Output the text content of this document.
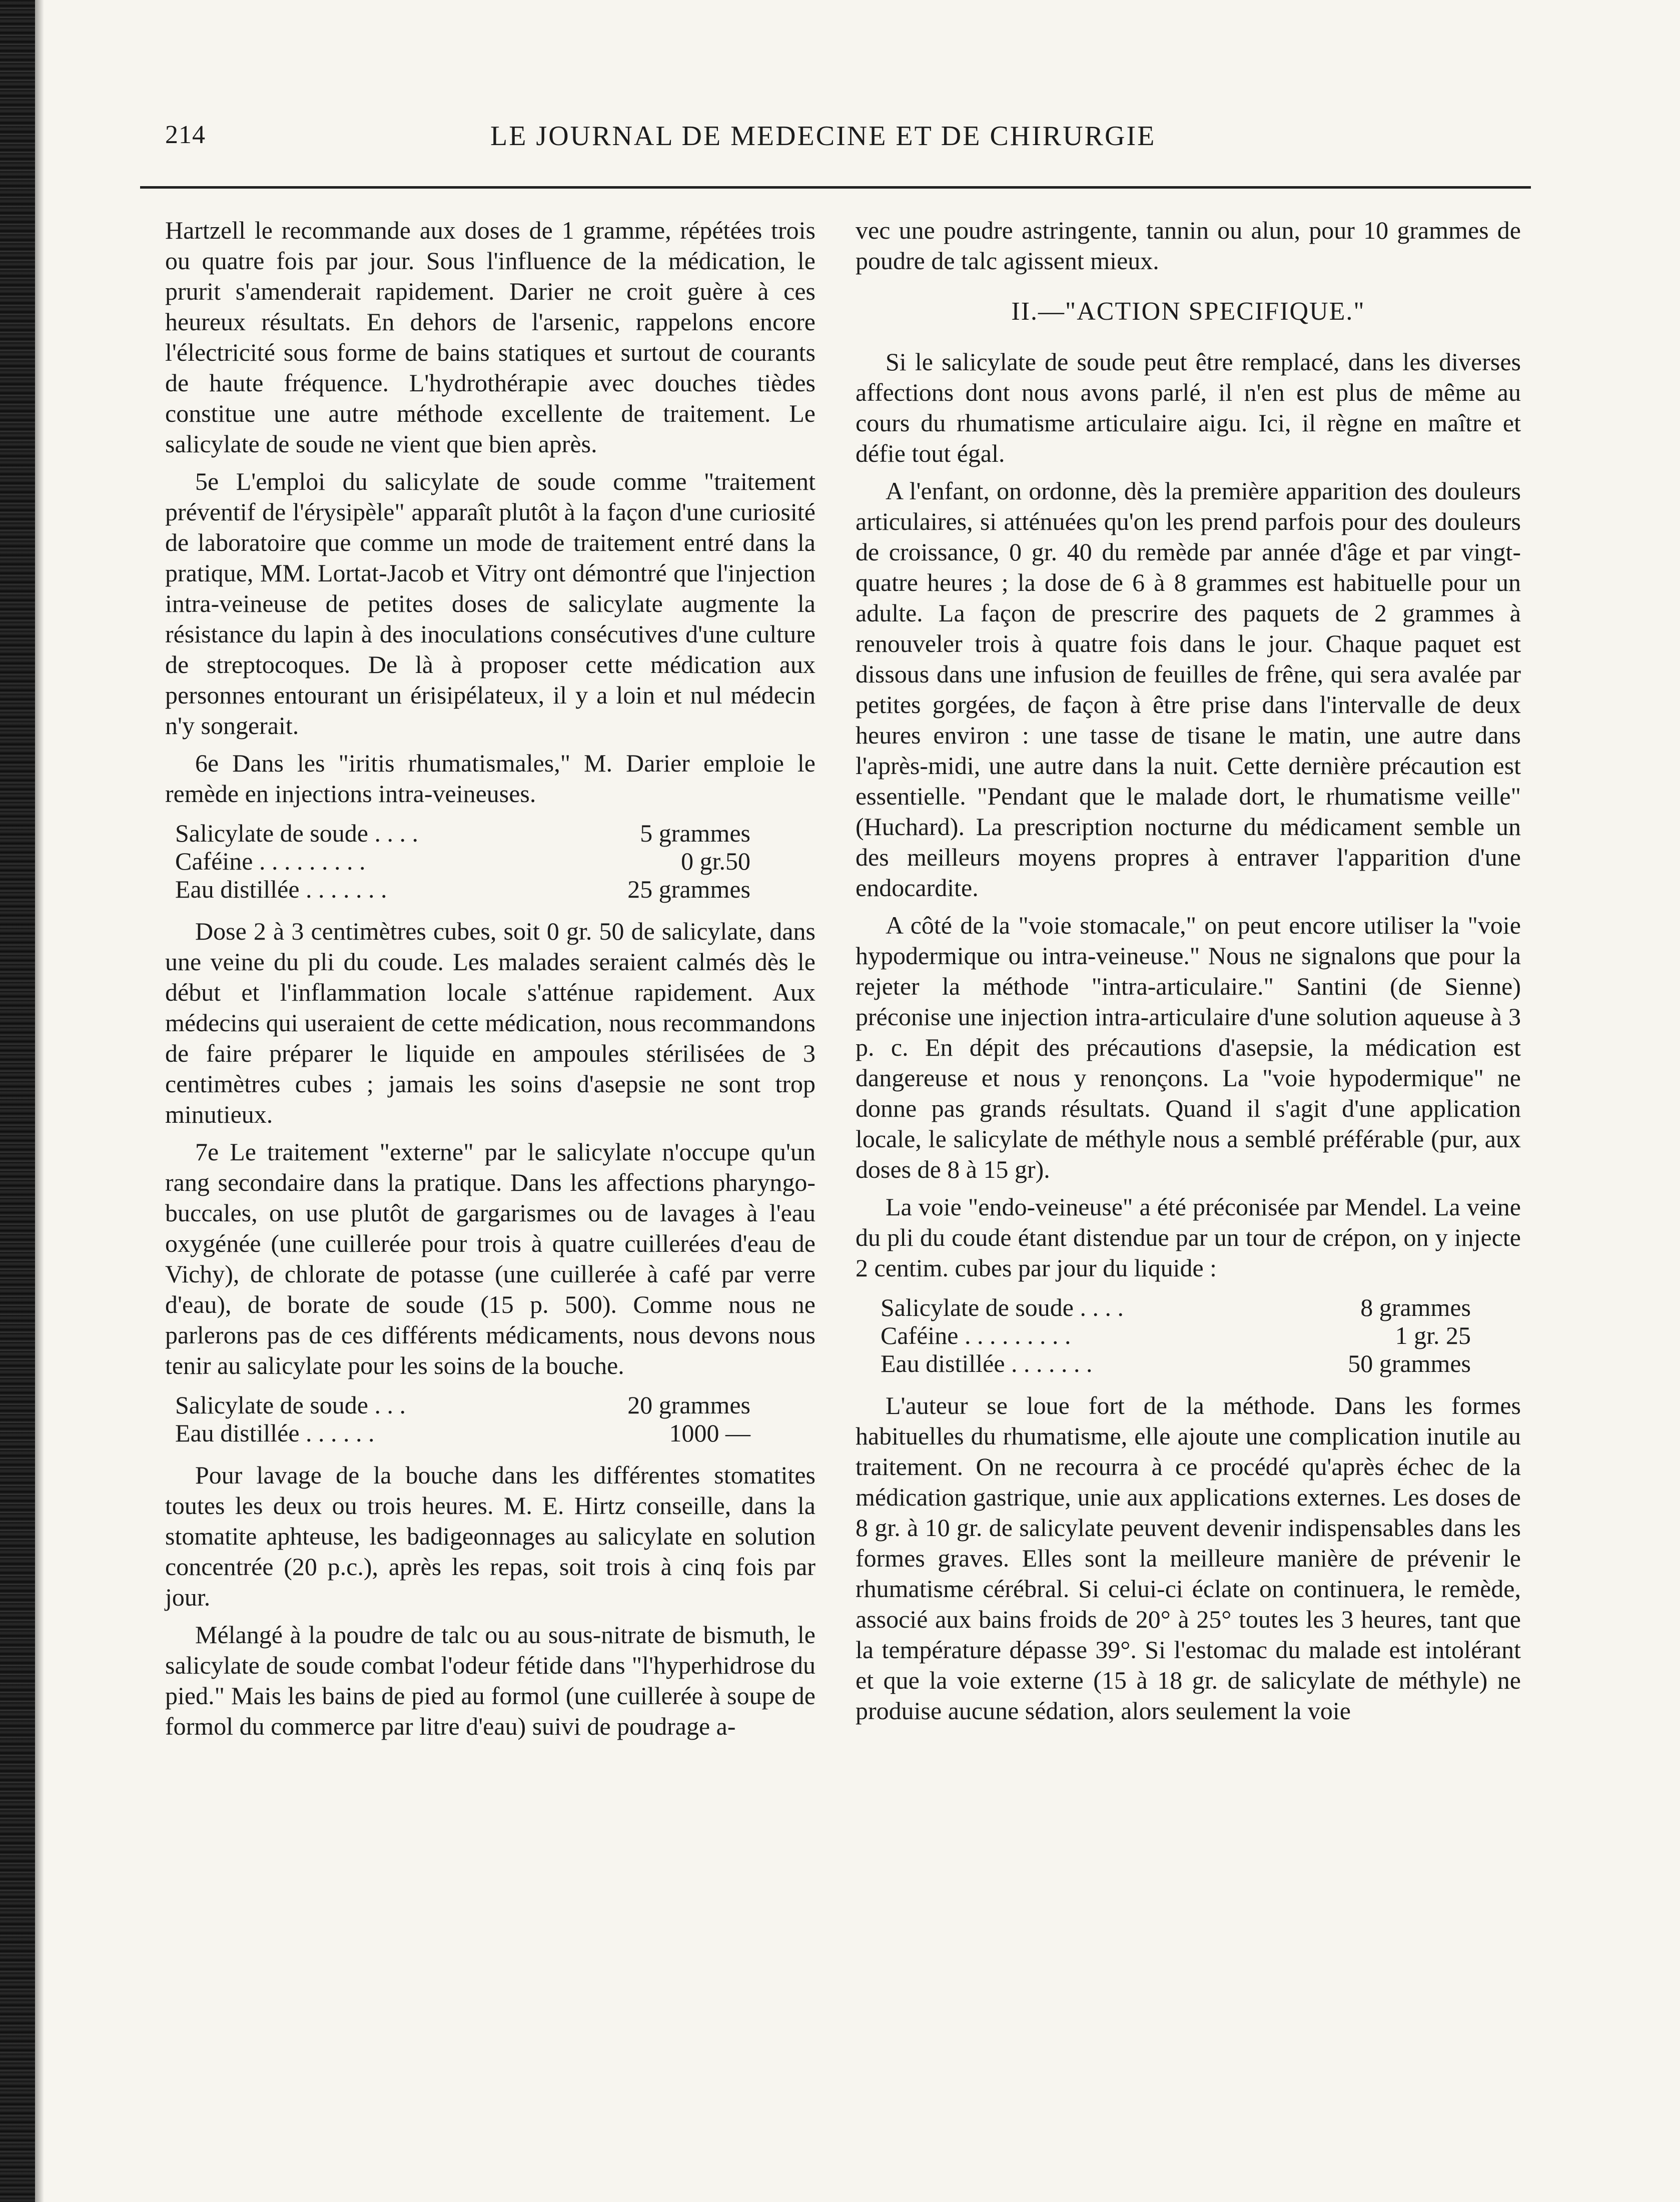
214	LE JOURNAL DE MEDECINE ET DE CHIRURGIE

Hartzell le recommande aux doses de 1 gramme, répétées trois ou quatre fois par jour. Sous l'influence de la médication, le prurit s'amenderait rapidement. Darier ne croit guère à ces heureux résultats. En dehors de l'arsenic, rappelons encore l'électricité sous forme de bains statiques et surtout de courants de haute fréquence. L'hydrothérapie avec douches tièdes constitue une autre méthode excellente de traitement. Le salicylate de soude ne vient que bien après.

5e L'emploi du salicylate de soude comme "traitement préventif de l'érysipèle" apparaît plutôt à la façon d'une curiosité de laboratoire que comme un mode de traitement entré dans la pratique, MM. Lortat-Jacob et Vitry ont démontré que l'injection intra-veineuse de petites doses de salicylate augmente la résistance du lapin à des inoculations consécutives d'une culture de streptocoques. De là à proposer cette médication aux personnes entourant un érisipélateux, il y a loin et nul médecin n'y songerait.

6e Dans les "iritis rhumatismales," M. Darier emploie le remède en injections intra-veineuses.

Salicylate de soude . . . .	5 grammes
Caféine . . . . . . . . .	0 gr.50
Eau distillée . . . . . . .	25 grammes

Dose 2 à 3 centimètres cubes, soit 0 gr. 50 de salicylate, dans une veine du pli du coude. Les malades seraient calmés dès le début et l'inflammation locale s'atténue rapidement. Aux médecins qui useraient de cette médication, nous recommandons de faire préparer le liquide en ampoules stérilisées de 3 centimètres cubes ; jamais les soins d'asepsie ne sont trop minutieux.

7e Le traitement "externe" par le salicylate n'occupe qu'un rang secondaire dans la pratique. Dans les affections pharyngo-buccales, on use plutôt de gargarismes ou de lavages à l'eau oxygénée (une cuillerée pour trois à quatre cuillerées d'eau de Vichy), de chlorate de potasse (une cuillerée à café par verre d'eau), de borate de soude (15 p. 500). Comme nous ne parlerons pas de ces différents médicaments, nous devons nous tenir au salicylate pour les soins de la bouche.

Salicylate de soude . . .	20 grammes
Eau distillée . . . . . .	1000 —

Pour lavage de la bouche dans les différentes stomatites toutes les deux ou trois heures. M. E. Hirtz conseille, dans la stomatite aphteuse, les badigeonnages au salicylate en solution concentrée (20 p.c.), après les repas, soit trois à cinq fois par jour.

Mélangé à la poudre de talc ou au sous-nitrate de bismuth, le salicylate de soude combat l'odeur fétide dans "l'hyperhidrose du pied." Mais les bains de pied au formol (une cuillerée à soupe de formol du commerce par litre d'eau) suivi de poudrage a-

vec une poudre astringente, tannin ou alun, pour 10 grammes de poudre de talc agissent mieux.

II.—"ACTION SPECIFIQUE."

Si le salicylate de soude peut être remplacé, dans les diverses affections dont nous avons parlé, il n'en est plus de même au cours du rhumatisme articulaire aigu. Ici, il règne en maître et défie tout égal.

A l'enfant, on ordonne, dès la première apparition des douleurs articulaires, si atténuées qu'on les prend parfois pour des douleurs de croissance, 0 gr. 40 du remède par année d'âge et par vingt-quatre heures ; la dose de 6 à 8 grammes est habituelle pour un adulte. La façon de prescrire des paquets de 2 grammes à renouveler trois à quatre fois dans le jour. Chaque paquet est dissous dans une infusion de feuilles de frêne, qui sera avalée par petites gorgées, de façon à être prise dans l'intervalle de deux heures environ : une tasse de tisane le matin, une autre dans l'après-midi, une autre dans la nuit. Cette dernière précaution est essentielle. "Pendant que le malade dort, le rhumatisme veille" (Huchard). La prescription nocturne du médicament semble un des meilleurs moyens propres à entraver l'apparition d'une endocardite.

A côté de la "voie stomacale," on peut encore utiliser la "voie hypodermique ou intra-veineuse." Nous ne signalons que pour la rejeter la méthode "intra-articulaire." Santini (de Sienne) préconise une injection intra-articulaire d'une solution aqueuse à 3 p. c. En dépit des précautions d'asepsie, la médication est dangereuse et nous y renonçons. La "voie hypodermique" ne donne pas grands résultats. Quand il s'agit d'une application locale, le salicylate de méthyle nous a semblé préférable (pur, aux doses de 8 à 15 gr).

La voie "endo-veineuse" a été préconisée par Mendel. La veine du pli du coude étant distendue par un tour de crépon, on y injecte 2 centim. cubes par jour du liquide :

Salicylate de soude . . . .	8 grammes
Caféine . . . . . . . . .	1 gr. 25
Eau distillée . . . . . . .	50 grammes

L'auteur se loue fort de la méthode. Dans les formes habituelles du rhumatisme, elle ajoute une complication inutile au traitement. On ne recourra à ce procédé qu'après échec de la médication gastrique, unie aux applications externes. Les doses de 8 gr. à 10 gr. de salicylate peuvent devenir indispensables dans les formes graves. Elles sont la meilleure manière de prévenir le rhumatisme cérébral. Si celui-ci éclate on continuera, le remède, associé aux bains froids de 20° à 25° toutes les 3 heures, tant que la température dépasse 39°. Si l'estomac du malade est intolérant et que la voie externe (15 à 18 gr. de salicylate de méthyle) ne produise aucune sédation, alors seulement la voie
